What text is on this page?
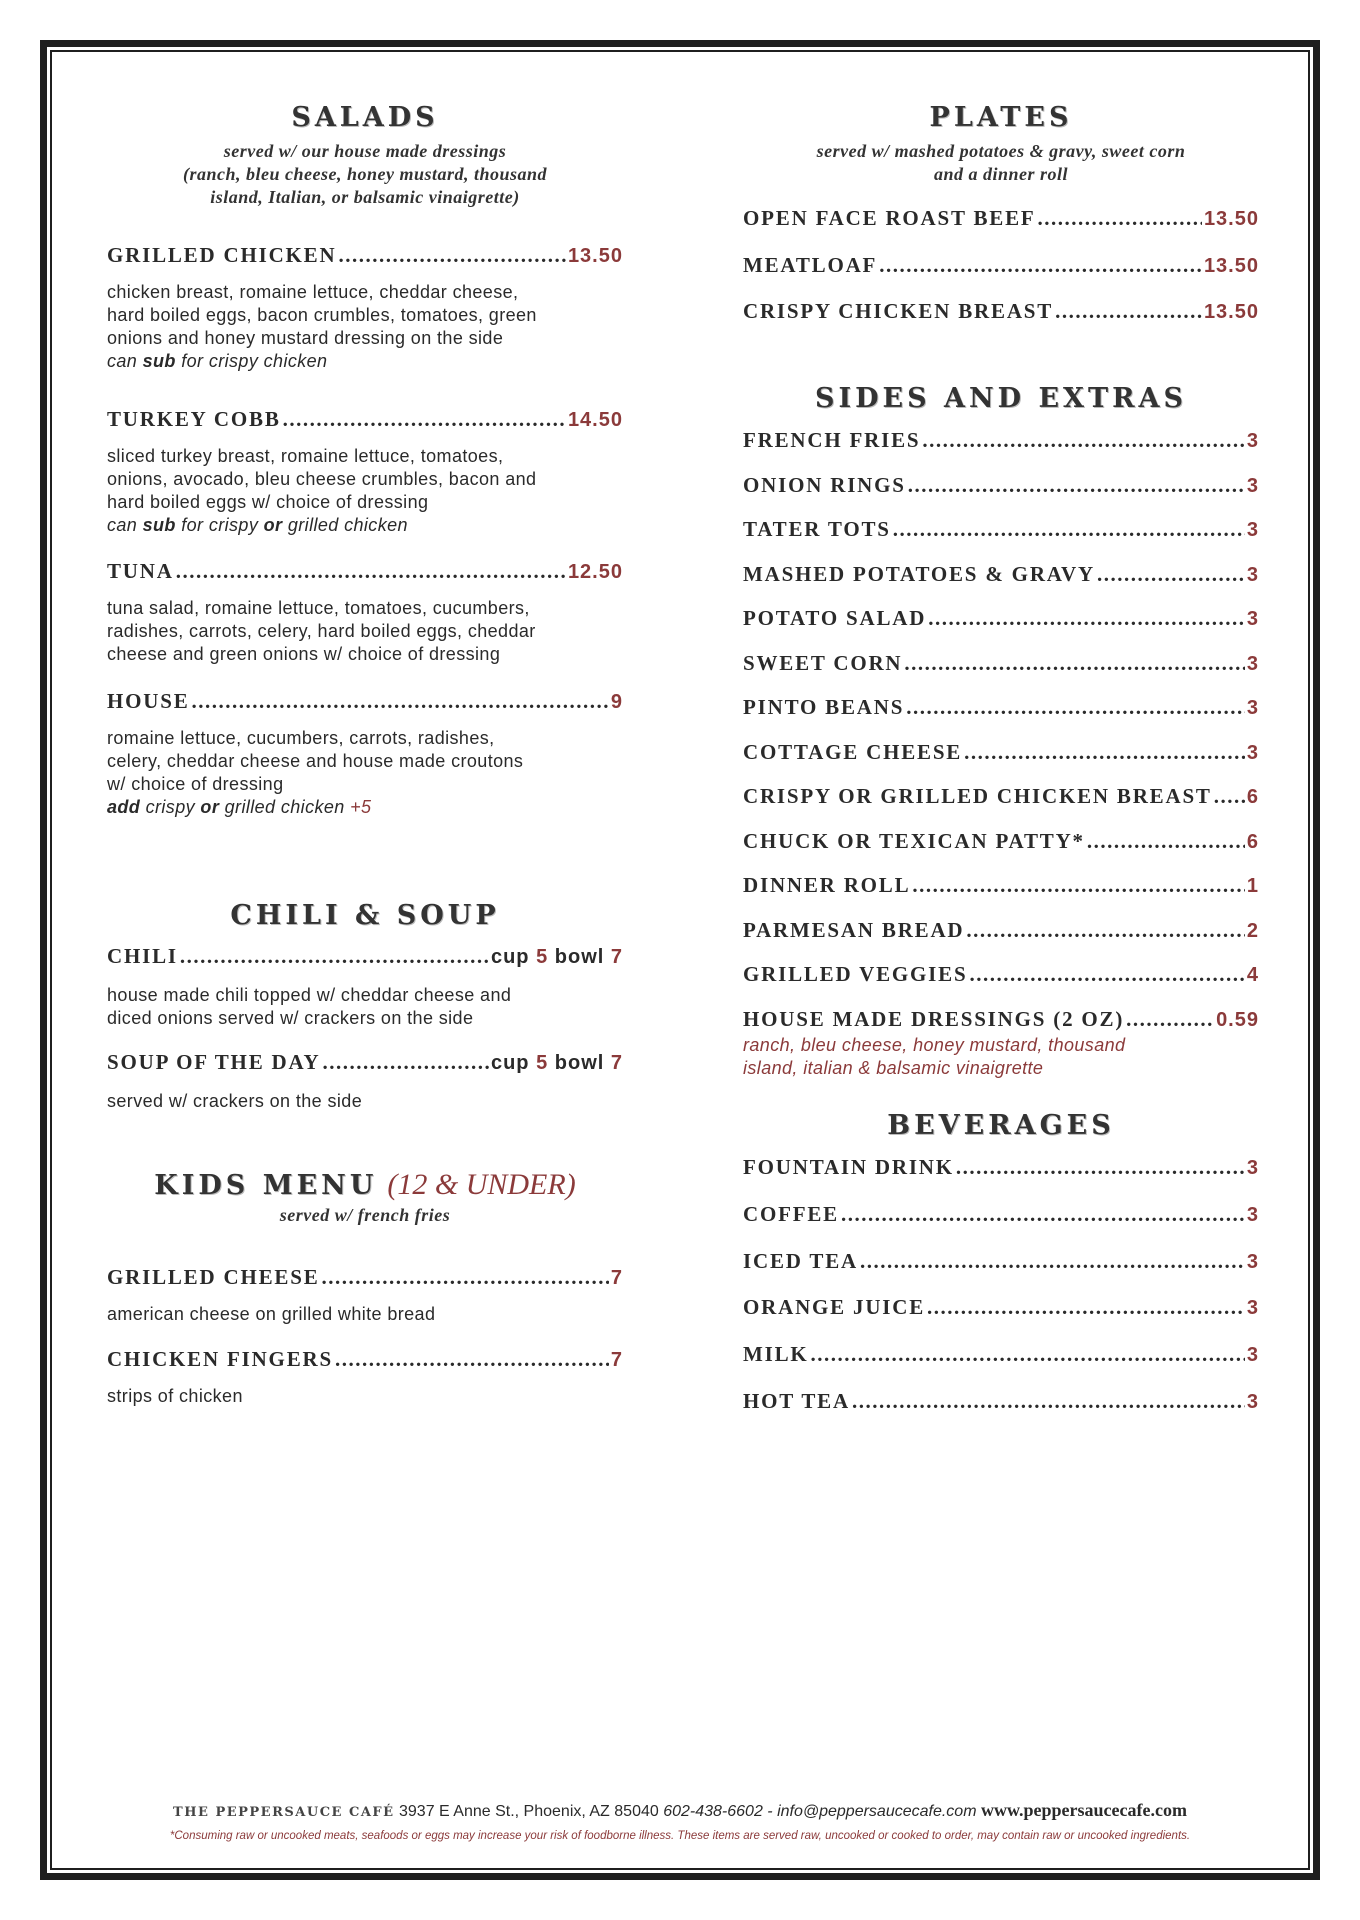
SALADS
served w/ our house made dressings
(ranch, bleu cheese, honey mustard, thousand
island, Italian, or balsamic vinaigrette)
GRILLED CHICKEN .....	13.50
chicken breast, romaine lettuce, cheddar cheese,
hard boiled eggs, bacon crumbles, tomatoes, green
onions and honey mustard dressing on the side
can sub for crispy chicken
TURKEY COBB .....	14.50
sliced turkey breast, romaine lettuce, tomatoes,
onions, avocado, bleu cheese crumbles, bacon and
hard boiled eggs w/ choice of dressing
can sub for crispy or grilled chicken
TUNA .....	12.50
tuna salad, romaine lettuce, tomatoes, cucumbers,
radishes, carrots, celery, hard boiled eggs, cheddar
cheese and green onions w/ choice of dressing
HOUSE .....	9
romaine lettuce, cucumbers, carrots, radishes,
celery, cheddar cheese and house made croutons
w/ choice of dressing
add crispy or grilled chicken +5
CHILI & SOUP
CHILI .....	cup 5 bowl 7
house made chili topped w/ cheddar cheese and
diced onions served w/ crackers on the side
SOUP OF THE DAY .....	cup 5 bowl 7
served w/ crackers on the side
KIDS MENU (12 & UNDER)
served w/ french fries
GRILLED CHEESE .....	7
american cheese on grilled white bread
CHICKEN FINGERS .....	7
strips of chicken
PLATES
served w/ mashed potatoes & gravy, sweet corn
and a dinner roll
OPEN FACE ROAST BEEF .....	13.50
MEATLOAF .....	13.50
CRISPY CHICKEN BREAST .....	13.50
SIDES AND EXTRAS
FRENCH FRIES .....	3
ONION RINGS .....	3
TATER TOTS .....	3
MASHED POTATOES & GRAVY .....	3
POTATO SALAD .....	3
SWEET CORN .....	3
PINTO BEANS .....	3
COTTAGE CHEESE .....	3
CRISPY OR GRILLED CHICKEN BREAST ..... 6
CHUCK OR TEXICAN PATTY* .....	6
DINNER ROLL .....	1
PARMESAN BREAD .....	2
GRILLED VEGGIES .....	4
HOUSE MADE DRESSINGS (2 OZ) .....	0.59
ranch, bleu cheese, honey mustard, thousand
island, italian & balsamic vinaigrette
BEVERAGES
FOUNTAIN DRINK .....	3
COFFEE .....	3
ICED TEA .....	3
ORANGE JUICE .....	3
MILK .....	3
HOT TEA .....	3
THE PEPPERSAUCE CAFÉ 3937 E Anne St., Phoenix, AZ 85040 602-438-6602 - info@peppersaucecafe.com www.peppersaucecafe.com
*Consuming raw or uncooked meats, seafoods or eggs may increase your risk of foodborne illness. These items are served raw, uncooked or cooked to order, may contain raw or uncooked ingredients.
